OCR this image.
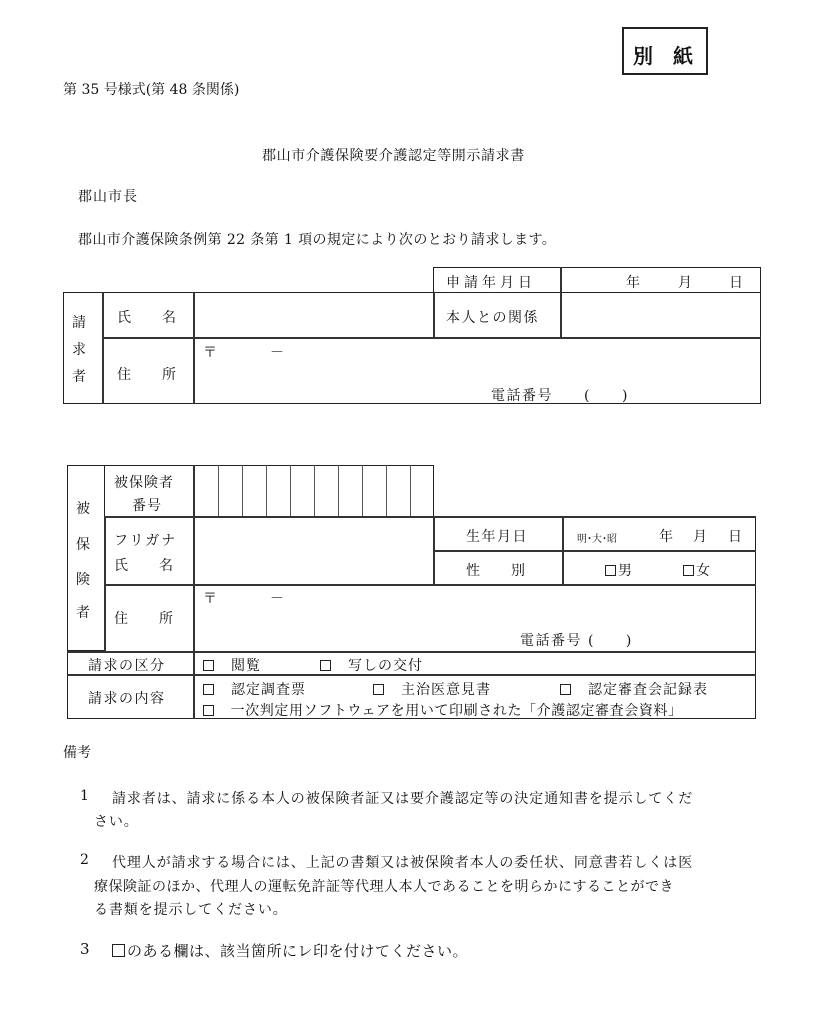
別　紙
第 35 号様式(第 48 条関係)
郡山市介護保険要介護認定等開示請求書
郡山市長
郡山市介護保険条例第 22 条第 1 項の規定により次のとおり請求します。
申請年月日	年	月	日
請
求
者
氏　　名	本人との関係
住　　所
〒	－
電話番号　　(　　)
被
保
険
者
被保険者
番号
フリガナ
氏　　名
生年月日	明･大･昭	年 月 日
性　　別	男	女
住　　所
〒	－
電話番号 (　　)
請求の区分
　	閲覧
　	写しの交付
請求の内容
　認定調査票
　	主治医意見書
　	認定審査会記録表
　一次判定用ソフトウェアを用いて印刷された「介護認定審査会資料」
備考
1 請求者は、請求に係る本人の被保険者証又は要介護認定等の決定通知書を提示してくだ
さい。
2 代理人が請求する場合には、上記の書類又は被保険者本人の委任状、同意書若しくは医
療保険証のほか、代理人の運転免許証等代理人本人であることを明らかにすることができ
る書類を提示してください。
3	のある欄は、該当箇所にレ印を付けてください。
